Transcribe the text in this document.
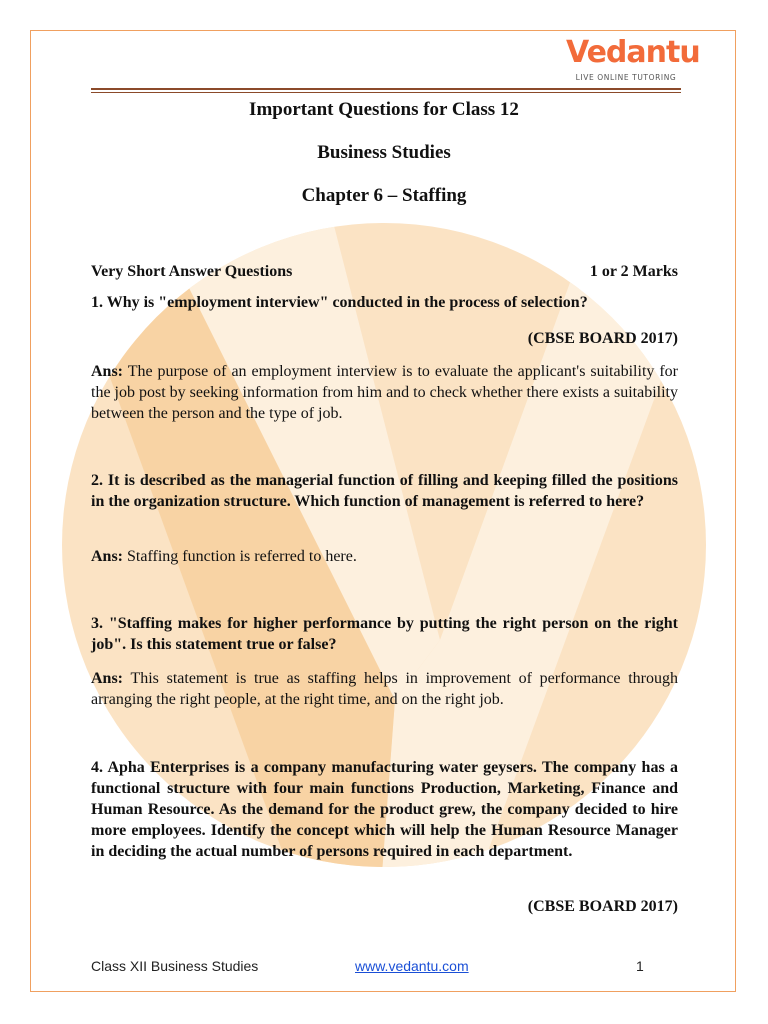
Vedantu
LIVE ONLINE TUTORING
Important Questions for Class 12
Business Studies
Chapter 6 – Staffing
Very Short Answer Questions	1 or 2 Marks
1. Why is "employment interview" conducted in the process of selection?
(CBSE BOARD 2017)
Ans: The purpose of an employment interview is to evaluate the applicant's suitability for the job post by seeking information from him and to check whether there exists a suitability between the person and the type of job.
2. It is described as the managerial function of filling and keeping filled the positions in the organization structure. Which function of management is referred to here?
Ans: Staffing function is referred to here.
3. "Staffing makes for higher performance by putting the right person on the right job". Is this statement true or false?
Ans: This statement is true as staffing helps in improvement of performance through arranging the right people, at the right time, and on the right job.
4. Apha Enterprises is a company manufacturing water geysers. The company has a functional structure with four main functions Production, Marketing, Finance and Human Resource. As the demand for the product grew, the company decided to hire more employees. Identify the concept which will help the Human Resource Manager in deciding the actual number of persons required in each department.
(CBSE BOARD 2017)
Class XII Business Studies	www.vedantu.com	1
